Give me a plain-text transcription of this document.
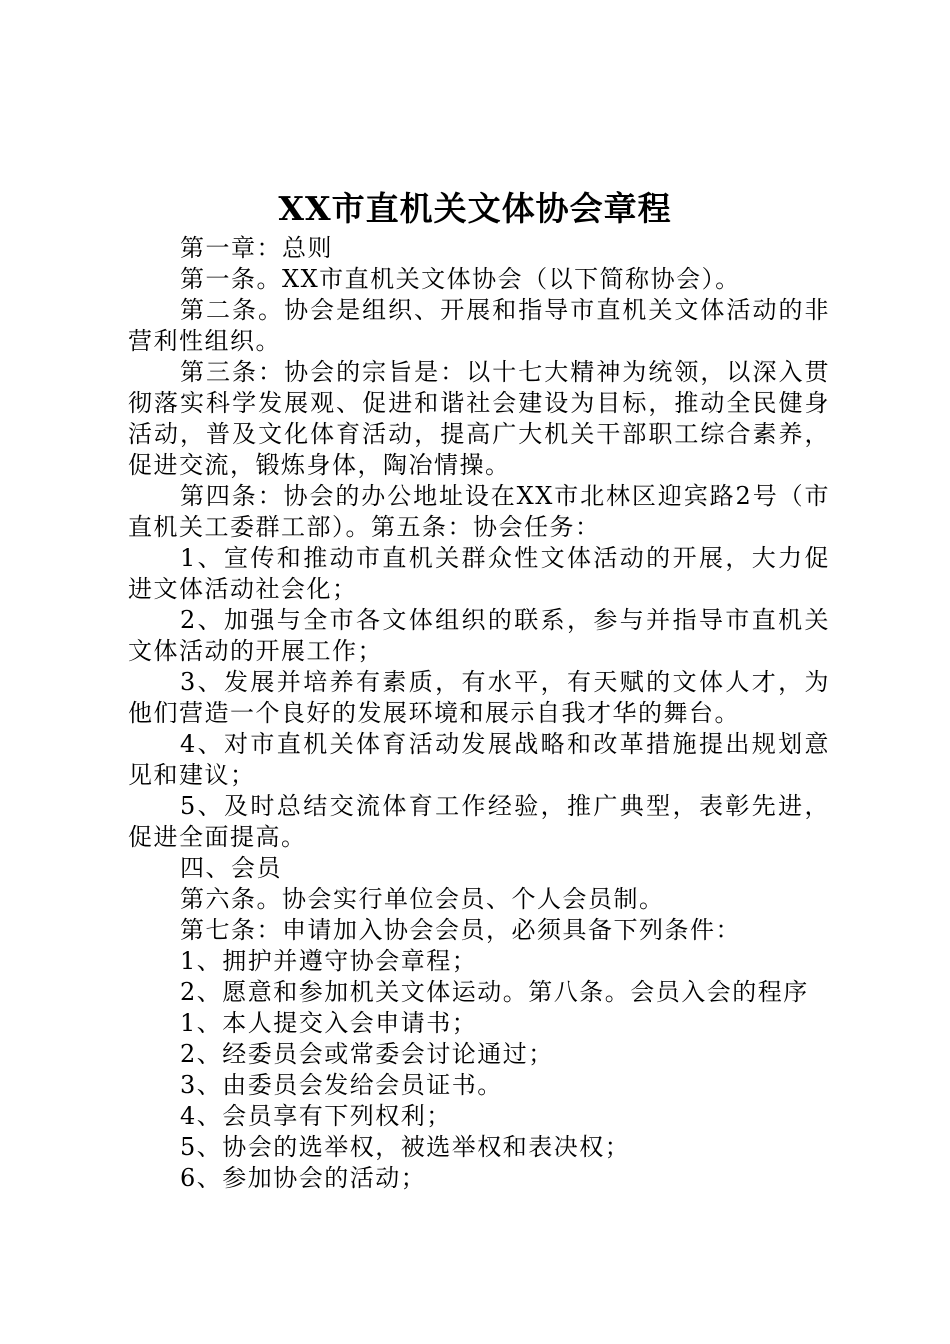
XX市直机关文体协会章程

第一章：总则

第一条。XX市直机关文体协会（以下简称协会）。

第二条。协会是组织、开展和指导市直机关文体活动的非营利性组织。

第三条：协会的宗旨是：以十七大精神为统领，以深入贯彻落实科学发展观、促进和谐社会建设为目标，推动全民健身活动，普及文化体育活动，提高广大机关干部职工综合素养，促进交流，锻炼身体，陶冶情操。

第四条：协会的办公地址设在XX市北林区迎宾路2号（市直机关工委群工部）。第五条：协会任务：

1、宣传和推动市直机关群众性文体活动的开展，大力促进文体活动社会化；

2、加强与全市各文体组织的联系，参与并指导市直机关文体活动的开展工作；

3、发展并培养有素质，有水平，有天赋的文体人才，为他们营造一个良好的发展环境和展示自我才华的舞台。

4、对市直机关体育活动发展战略和改革措施提出规划意见和建议；

5、及时总结交流体育工作经验，推广典型，表彰先进，促进全面提高。

四、会员

第六条。协会实行单位会员、个人会员制。

第七条：申请加入协会会员，必须具备下列条件：

1、拥护并遵守协会章程；

2、愿意和参加机关文体运动。第八条。会员入会的程序

1、本人提交入会申请书；

2、经委员会或常委会讨论通过；

3、由委员会发给会员证书。

4、会员享有下列权利；

5、协会的选举权，被选举权和表决权；

6、参加协会的活动；
